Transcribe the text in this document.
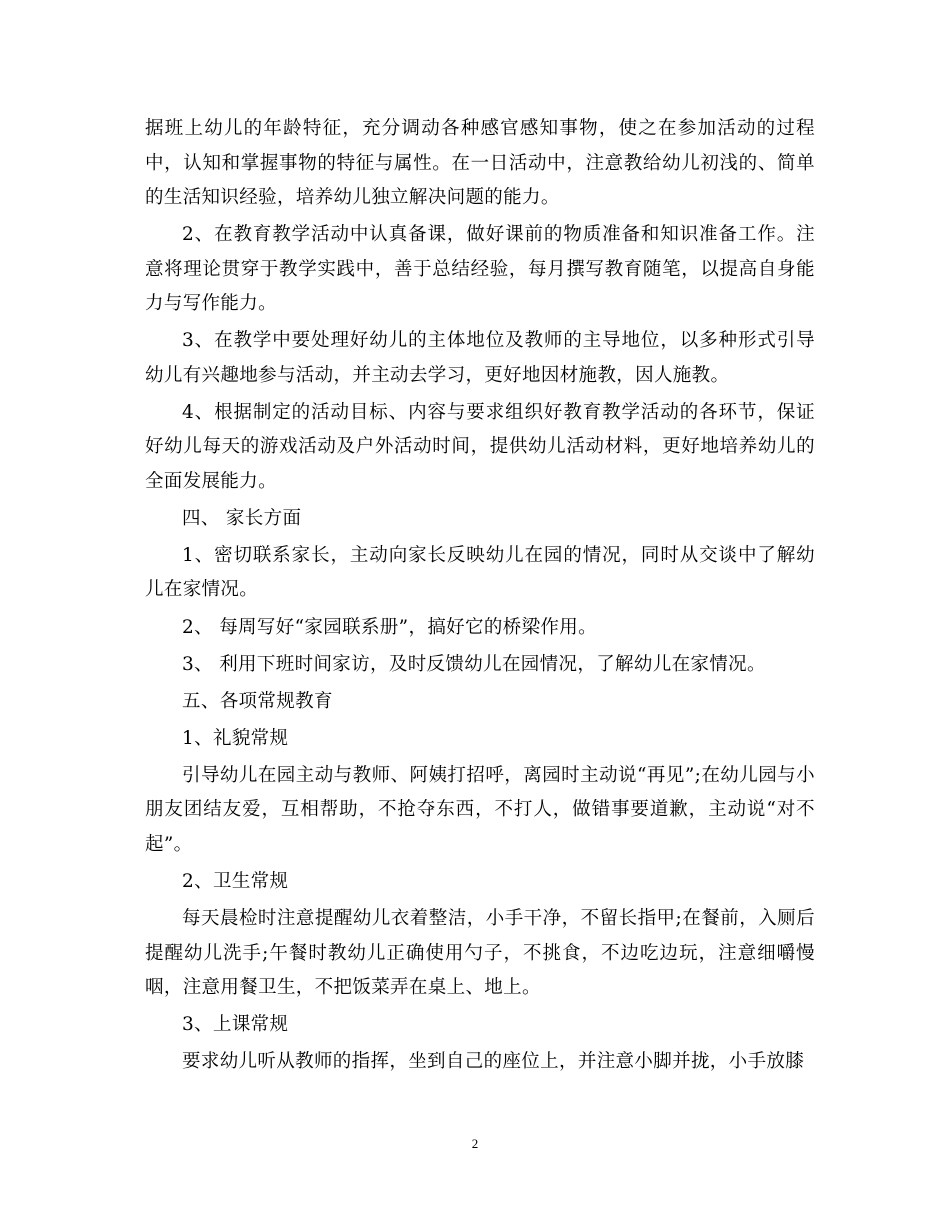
据班上幼儿的年龄特征，充分调动各种感官感知事物，使之在参加活动的过程中，认知和掌握事物的特征与属性。在一日活动中，注意教给幼儿初浅的、简单的生活知识经验，培养幼儿独立解决问题的能力。

2、在教育教学活动中认真备课，做好课前的物质准备和知识准备工作。注意将理论贯穿于教学实践中，善于总结经验，每月撰写教育随笔，以提高自身能力与写作能力。

3、在教学中要处理好幼儿的主体地位及教师的主导地位，以多种形式引导幼儿有兴趣地参与活动，并主动去学习，更好地因材施教，因人施教。

4、根据制定的活动目标、内容与要求组织好教育教学活动的各环节，保证好幼儿每天的游戏活动及户外活动时间，提供幼儿活动材料，更好地培养幼儿的全面发展能力。

四、 家长方面

1、密切联系家长，主动向家长反映幼儿在园的情况，同时从交谈中了解幼儿在家情况。

2、 每周写好“家园联系册”，搞好它的桥梁作用。

3、 利用下班时间家访，及时反馈幼儿在园情况，了解幼儿在家情况。

五、各项常规教育

1、礼貌常规

引导幼儿在园主动与教师、阿姨打招呼，离园时主动说“再见”;在幼儿园与小朋友团结友爱，互相帮助，不抢夺东西，不打人，做错事要道歉，主动说“对不起”。

2、卫生常规

每天晨检时注意提醒幼儿衣着整洁，小手干净，不留长指甲;在餐前，入厕后提醒幼儿洗手;午餐时教幼儿正确使用勺子，不挑食，不边吃边玩，注意细嚼慢咽，注意用餐卫生，不把饭菜弄在桌上、地上。

3、上课常规

要求幼儿听从教师的指挥，坐到自己的座位上，并注意小脚并拢，小手放膝

2
